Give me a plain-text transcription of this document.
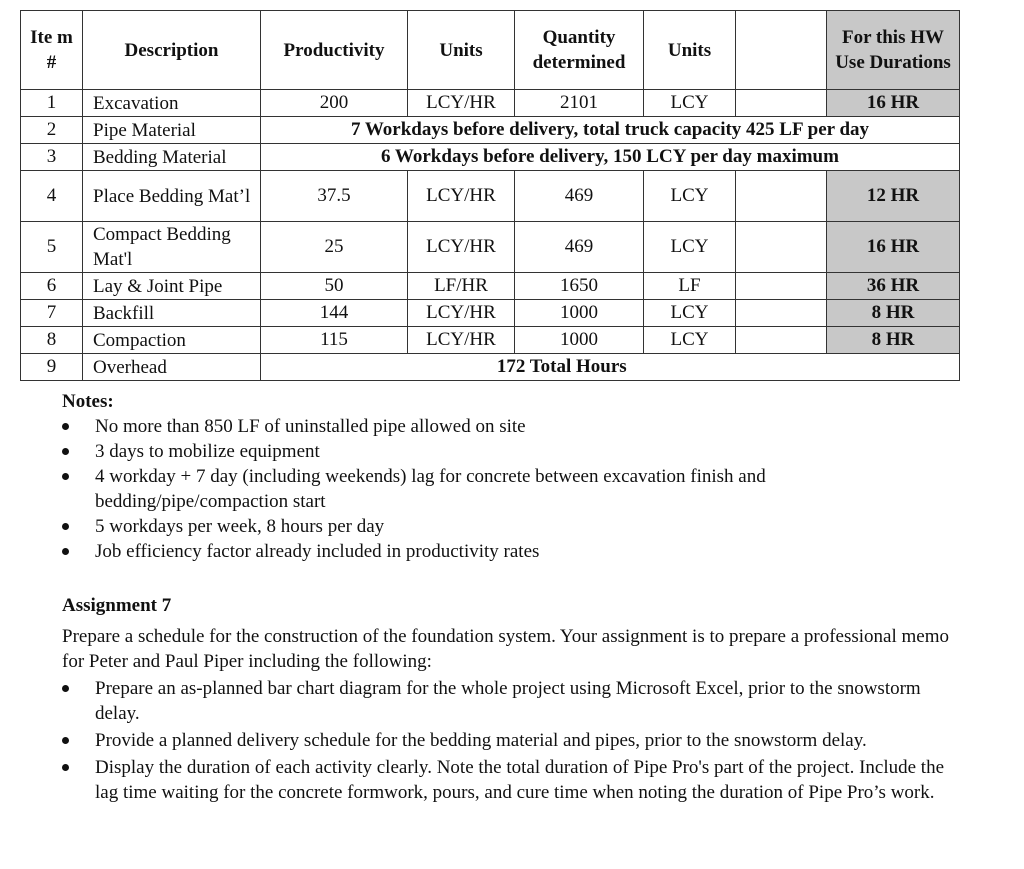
Ite m #	Description	Productivity	Units	Quantity determined	Units		For this HW Use Durations
1	Excavation	200	LCY/HR	2101	LCY		16 HR
2	Pipe Material	7 Workdays before delivery, total truck capacity 425 LF per day					
3	Bedding Material	6 Workdays before delivery, 150 LCY per day maximum					
4	Place Bedding Mat’l	37.5	LCY/HR	469	LCY		12 HR
5	Compact Bedding Mat'l	25	LCY/HR	469	LCY		16 HR
6	Lay & Joint Pipe	50	LF/HR	1650	LF		36 HR
7	Backfill	144	LCY/HR	1000	LCY		8 HR
8	Compaction	115	LCY/HR	1000	LCY		8 HR
9	Overhead	172 Total Hours					

Notes:

No more than 850 LF of uninstalled pipe allowed on site
3 days to mobilize equipment
4 workday + 7 day (including weekends) lag for concrete between excavation finish and bedding/pipe/compaction start
5 workdays per week, 8 hours per day
Job efficiency factor already included in productivity rates

Assignment 7

Prepare a schedule for the construction of the foundation system. Your assignment is to prepare a professional memo for Peter and Paul Piper including the following:

Prepare an as-planned bar chart diagram for the whole project using Microsoft Excel, prior to the snowstorm delay.
Provide a planned delivery schedule for the bedding material and pipes, prior to the snowstorm delay.
Display the duration of each activity clearly. Note the total duration of Pipe Pro's part of the project. Include the lag time waiting for the concrete formwork, pours, and cure time when noting the duration of Pipe Pro’s work.
